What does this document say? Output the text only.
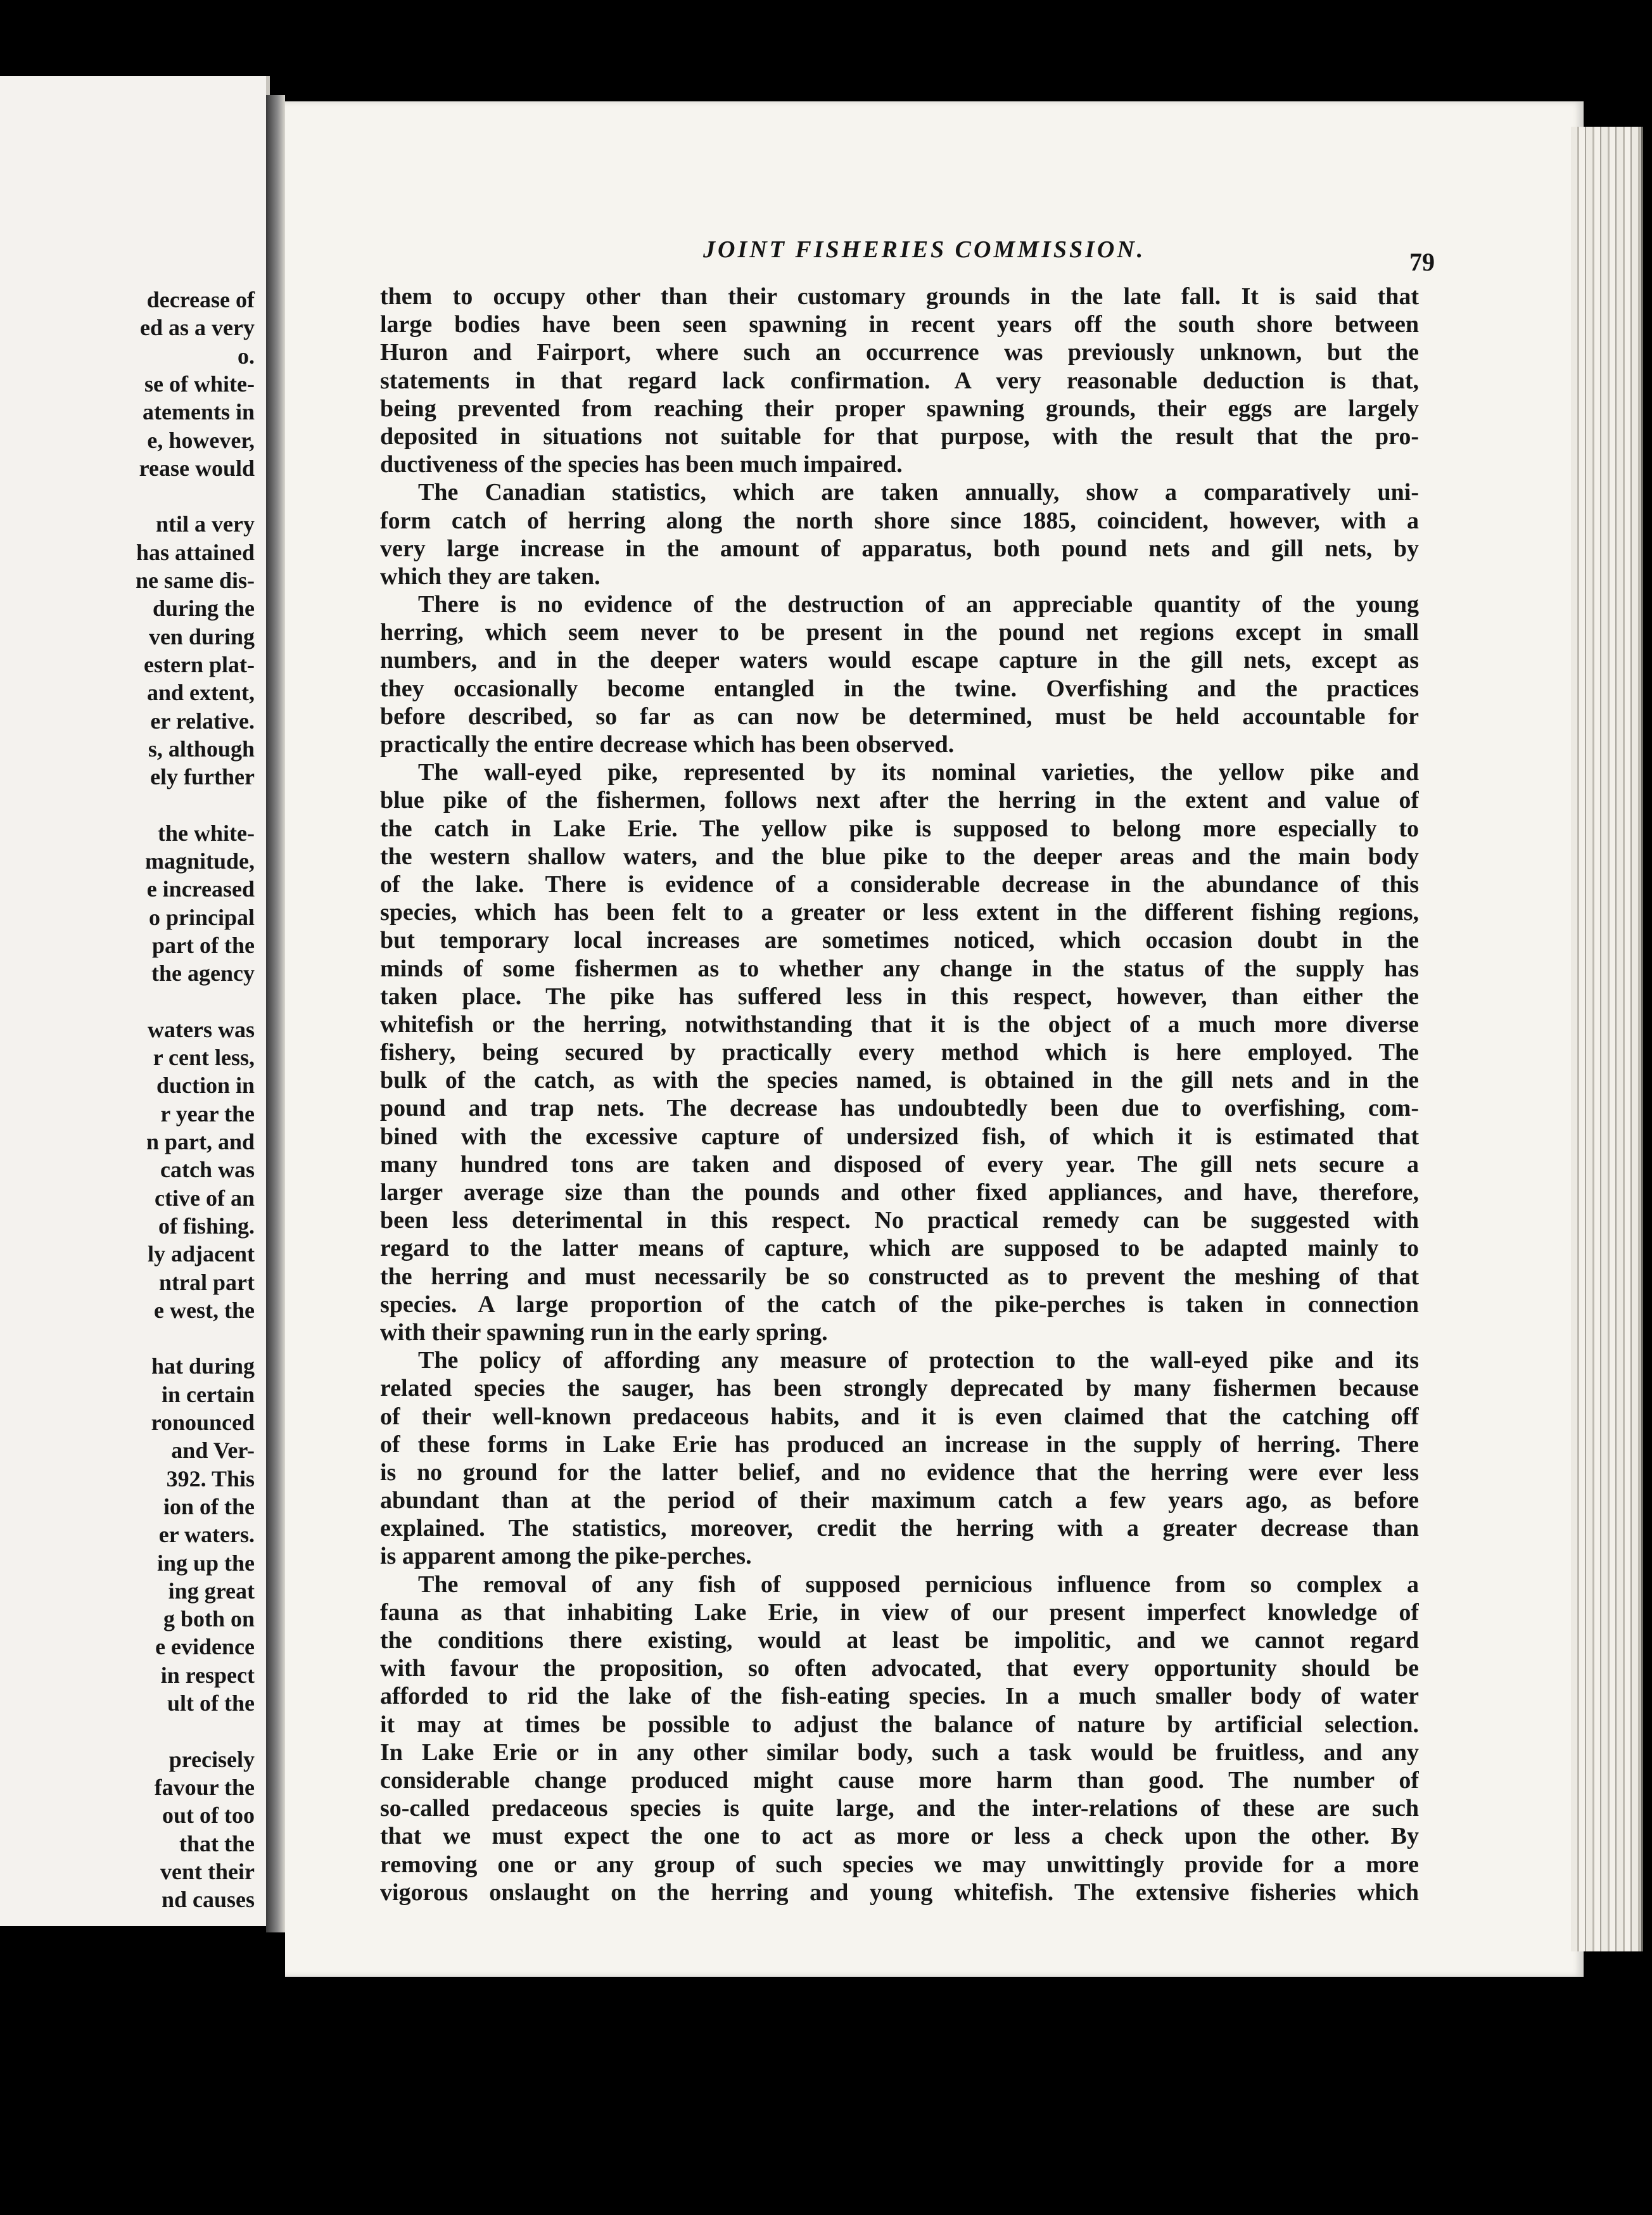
decrease of
ed as a very
o.
se of white-
atements in
e, however,
rease would
ntil a very
has attained
ne same dis-
during the
ven during
estern plat-
and extent,
er relative.
s, although
ely further
the white-
magnitude,
e increased
o principal
part of the
the agency
waters was
r cent less,
duction in
r year the
n part, and
catch was
ctive of an
of fishing.
ly adjacent
ntral part
e west, the
hat during
in certain
ronounced
and Ver-
392. This
ion of the
er waters.
ing up the
ing great
g both on
e evidence
in respect
ult of the
precisely
favour the
out of too
that the
vent their
nd causes
JOINT FISHERIES COMMISSION.	79
them to occupy other than their customary grounds in the late fall. It is said that
large bodies have been seen spawning in recent years off the south shore between
Huron and Fairport, where such an occurrence was previously unknown, but the
statements in that regard lack confirmation. A very reasonable deduction is that,
being prevented from reaching their proper spawning grounds, their eggs are largely
deposited in situations not suitable for that purpose, with the result that the pro-
ductiveness of the species has been much impaired.
The Canadian statistics, which are taken annually, show a comparatively uni-
form catch of herring along the north shore since 1885, coincident, however, with a
very large increase in the amount of apparatus, both pound nets and gill nets, by
which they are taken.
There is no evidence of the destruction of an appreciable quantity of the young
herring, which seem never to be present in the pound net regions except in small
numbers, and in the deeper waters would escape capture in the gill nets, except as
they occasionally become entangled in the twine. Overfishing and the practices
before described, so far as can now be determined, must be held accountable for
practically the entire decrease which has been observed.
The wall-eyed pike, represented by its nominal varieties, the yellow pike and
blue pike of the fishermen, follows next after the herring in the extent and value of
the catch in Lake Erie. The yellow pike is supposed to belong more especially to
the western shallow waters, and the blue pike to the deeper areas and the main body
of the lake. There is evidence of a considerable decrease in the abundance of this
species, which has been felt to a greater or less extent in the different fishing regions,
but temporary local increases are sometimes noticed, which occasion doubt in the
minds of some fishermen as to whether any change in the status of the supply has
taken place. The pike has suffered less in this respect, however, than either the
whitefish or the herring, notwithstanding that it is the object of a much more diverse
fishery, being secured by practically every method which is here employed. The
bulk of the catch, as with the species named, is obtained in the gill nets and in the
pound and trap nets. The decrease has undoubtedly been due to overfishing, com-
bined with the excessive capture of undersized fish, of which it is estimated that
many hundred tons are taken and disposed of every year. The gill nets secure a
larger average size than the pounds and other fixed appliances, and have, therefore,
been less deterimental in this respect. No practical remedy can be suggested with
regard to the latter means of capture, which are supposed to be adapted mainly to
the herring and must necessarily be so constructed as to prevent the meshing of that
species. A large proportion of the catch of the pike-perches is taken in connection
with their spawning run in the early spring.
The policy of affording any measure of protection to the wall-eyed pike and its
related species the sauger, has been strongly deprecated by many fishermen because
of their well-known predaceous habits, and it is even claimed that the catching off
of these forms in Lake Erie has produced an increase in the supply of herring. There
is no ground for the latter belief, and no evidence that the herring were ever less
abundant than at the period of their maximum catch a few years ago, as before
explained. The statistics, moreover, credit the herring with a greater decrease than
is apparent among the pike-perches.
The removal of any fish of supposed pernicious influence from so complex a
fauna as that inhabiting Lake Erie, in view of our present imperfect knowledge of
the conditions there existing, would at least be impolitic, and we cannot regard
with favour the proposition, so often advocated, that every opportunity should be
afforded to rid the lake of the fish-eating species. In a much smaller body of water
it may at times be possible to adjust the balance of nature by artificial selection.
In Lake Erie or in any other similar body, such a task would be fruitless, and any
considerable change produced might cause more harm than good. The number of
so-called predaceous species is quite large, and the inter-relations of these are such
that we must expect the one to act as more or less a check upon the other. By
removing one or any group of such species we may unwittingly provide for a more
vigorous onslaught on the herring and young whitefish. The extensive fisheries which
